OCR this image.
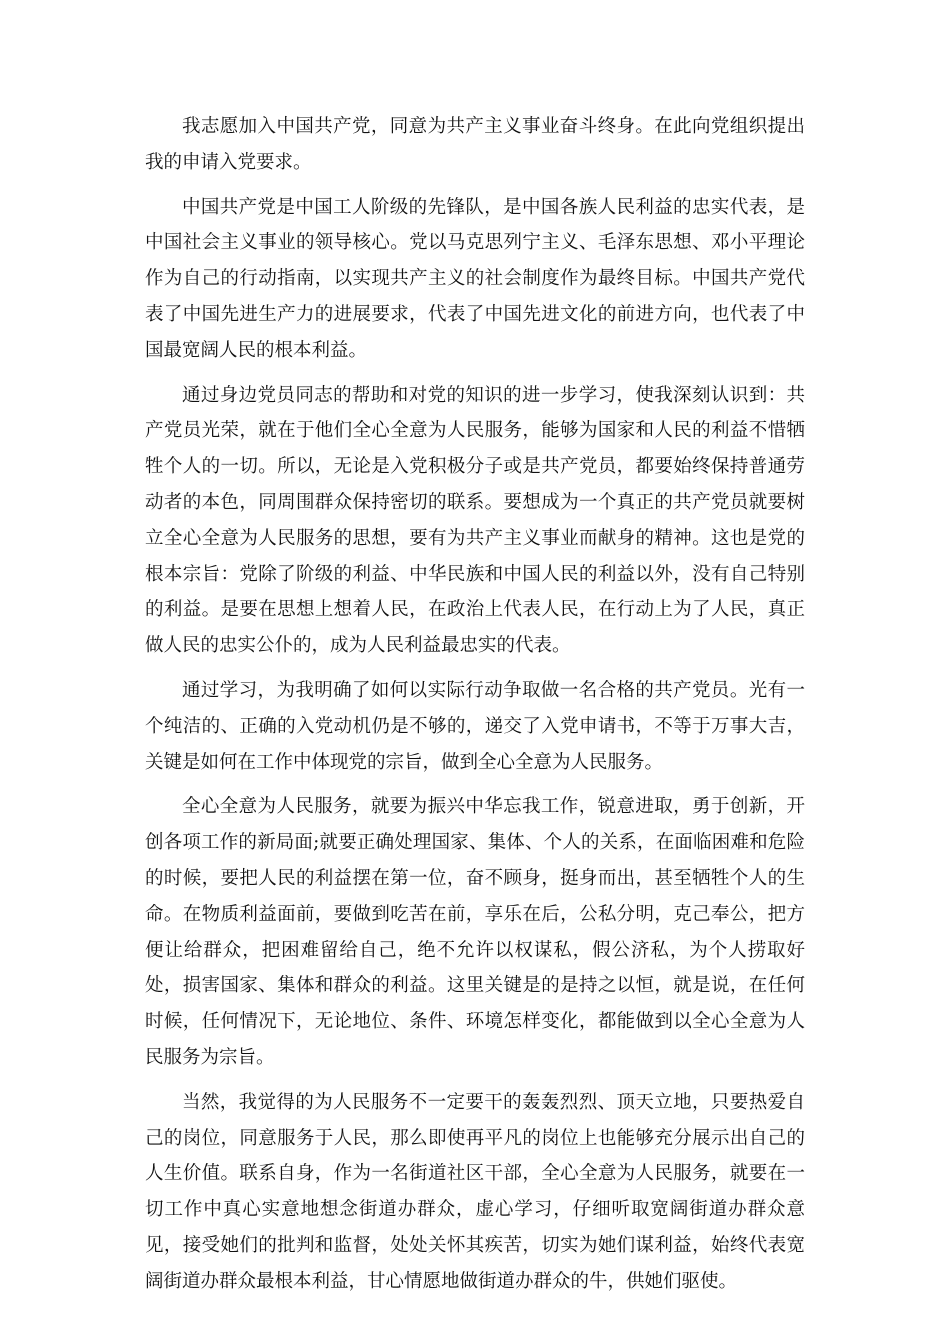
我志愿加入中国共产党，同意为共产主义事业奋斗终身。在此向党组织提出我的申请入党要求。

中国共产党是中国工人阶级的先锋队，是中国各族人民利益的忠实代表，是中国社会主义事业的领导核心。党以马克思列宁主义、毛泽东思想、邓小平理论作为自己的行动指南，以实现共产主义的社会制度作为最终目标。中国共产党代表了中国先进生产力的进展要求，代表了中国先进文化的前进方向，也代表了中国最宽阔人民的根本利益。

通过身边党员同志的帮助和对党的知识的进一步学习，使我深刻认识到：共产党员光荣，就在于他们全心全意为人民服务，能够为国家和人民的利益不惜牺牲个人的一切。所以，无论是入党积极分子或是共产党员，都要始终保持普通劳动者的本色，同周围群众保持密切的联系。要想成为一个真正的共产党员就要树立全心全意为人民服务的思想，要有为共产主义事业而献身的精神。这也是党的根本宗旨：党除了阶级的利益、中华民族和中国人民的利益以外，没有自己特别的利益。是要在思想上想着人民，在政治上代表人民，在行动上为了人民，真正做人民的忠实公仆的，成为人民利益最忠实的代表。

通过学习，为我明确了如何以实际行动争取做一名合格的共产党员。光有一个纯洁的、正确的入党动机仍是不够的，递交了入党申请书，不等于万事大吉，关键是如何在工作中体现党的宗旨，做到全心全意为人民服务。

全心全意为人民服务，就要为振兴中华忘我工作，锐意进取，勇于创新，开创各项工作的新局面;就要正确处理国家、集体、个人的关系，在面临困难和危险的时候，要把人民的利益摆在第一位，奋不顾身，挺身而出，甚至牺牲个人的生命。在物质利益面前，要做到吃苦在前，享乐在后，公私分明，克己奉公，把方便让给群众，把困难留给自己，绝不允许以权谋私，假公济私，为个人捞取好处，损害国家、集体和群众的利益。这里关键是的是持之以恒，就是说，在任何时候，任何情况下，无论地位、条件、环境怎样变化，都能做到以全心全意为人民服务为宗旨。

当然，我觉得的为人民服务不一定要干的轰轰烈烈、顶天立地，只要热爱自己的岗位，同意服务于人民，那么即使再平凡的岗位上也能够充分展示出自己的人生价值。联系自身，作为一名街道社区干部，全心全意为人民服务，就要在一切工作中真心实意地想念街道办群众，虚心学习，仔细听取宽阔街道办群众意见，接受她们的批判和监督，处处关怀其疾苦，切实为她们谋利益，始终代表宽阔街道办群众最根本利益，甘心情愿地做街道办群众的牛，供她们驱使。
